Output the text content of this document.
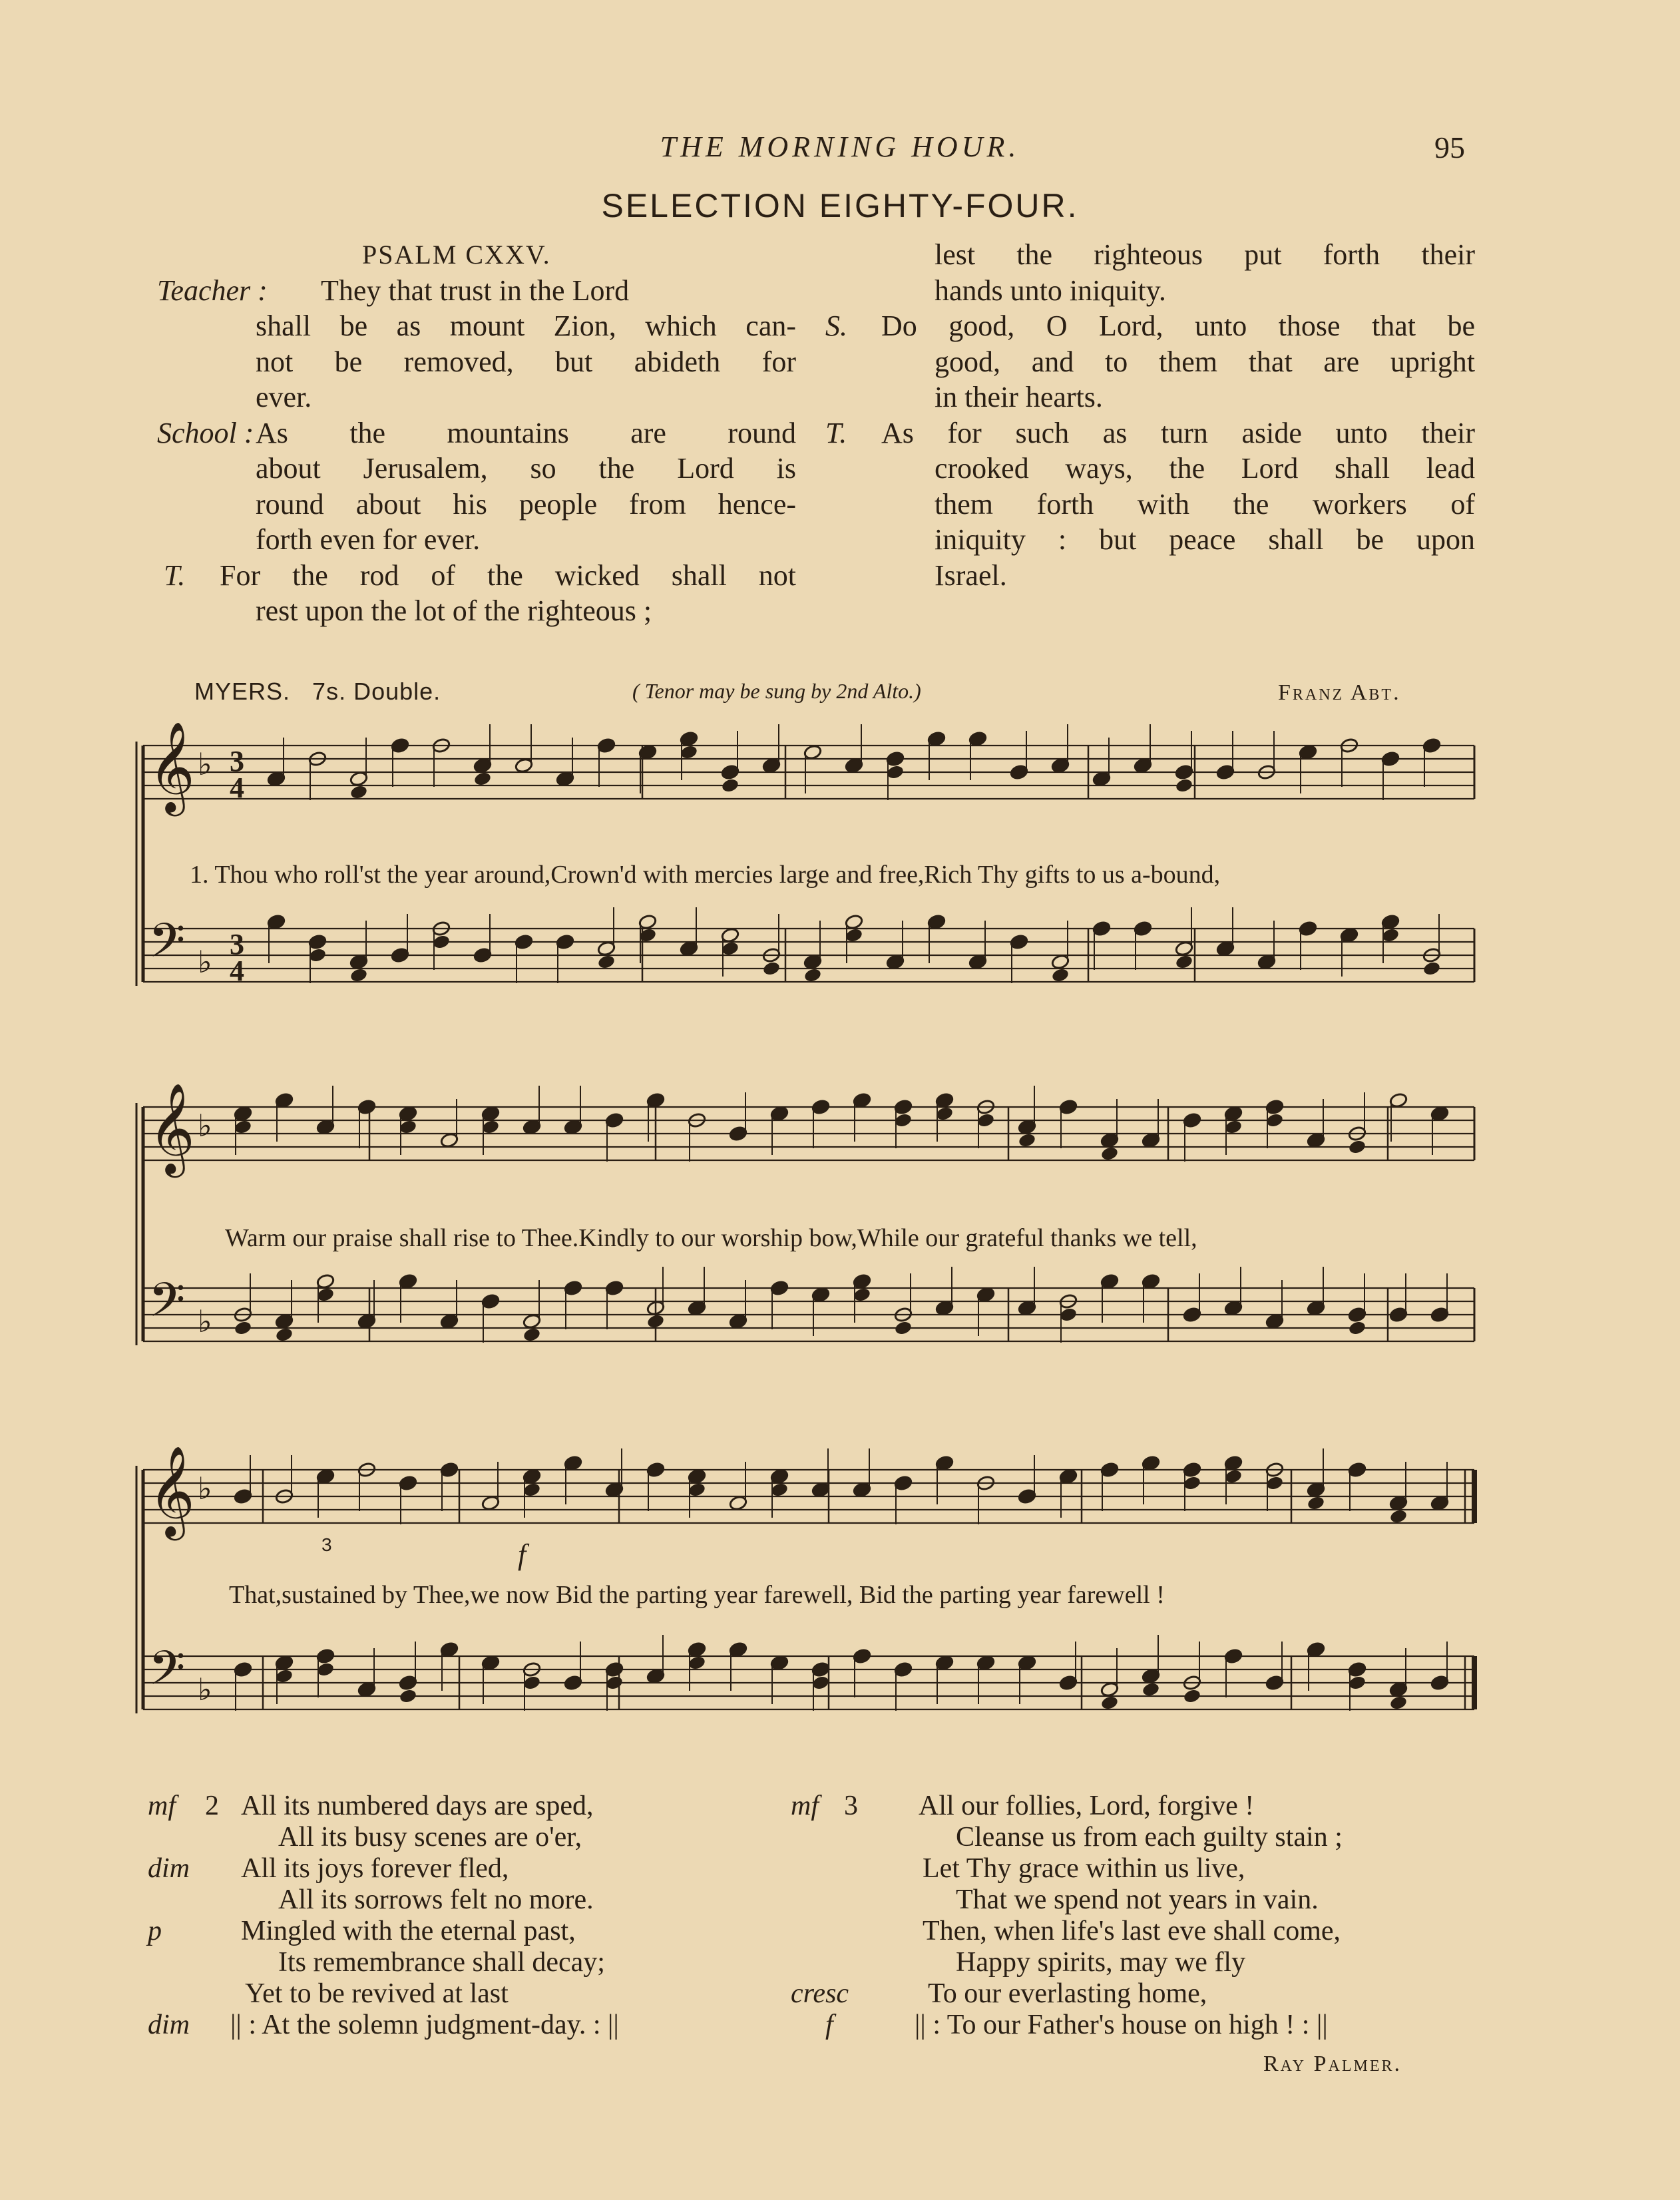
THE MORNING HOUR.	95
SELECTION EIGHTY-FOUR.
PSALM CXXV.
Teacher : They that trust in the Lord
shall be as mount Zion, which can-
not be removed, but abideth for
ever.
School :As the mountains are round
about Jerusalem, so the Lord is
round about his people from hence-
forth even for ever.
T. For the rod of the wicked shall not
rest upon the lot of the righteous ;
lest the righteous put forth their
hands unto iniquity.
S. Do good, O Lord, unto those that be
good, and to them that are upright
in their hearts.
T. As for such as turn aside unto their
crooked ways, the Lord shall lead
them forth with the workers of
iniquity : but peace shall be upon
Israel.
MYERS. 7s. Double.	( Tenor may be sung by 2nd Alto.)	Franz Abt.
𝄞
𝄢
♭
♭
3
4
3
4
𝄞
𝄢
♭
♭
𝄞
𝄢
♭
♭
1. Thou who roll'st the year around,Crown'd with mercies large and free,Rich Thy gifts to us a-bound,
Warm our praise shall rise to Thee.Kindly to our worship bow,While our grateful thanks we tell,
That,sustained by Thee,we now Bid the parting year farewell, Bid the parting year farewell !
3	f
mf 2 All its numbered days are sped,
All its busy scenes are o'er,
dim All its joys forever fled,
All its sorrows felt no more.
p	Mingled with the eternal past,
Its remembrance shall decay;
Yet to be revived at last
dim || : At the solemn judgment-day. : ||
mf 3 All our follies, Lord, forgive !
Cleanse us from each guilty stain ;
Let Thy grace within us live,
That we spend not years in vain.
Then, when life's last eve shall come,
Happy spirits, may we fly
cresc	To our everlasting home,
f	|| : To our Father's house on high ! : ||
Ray Palmer.
